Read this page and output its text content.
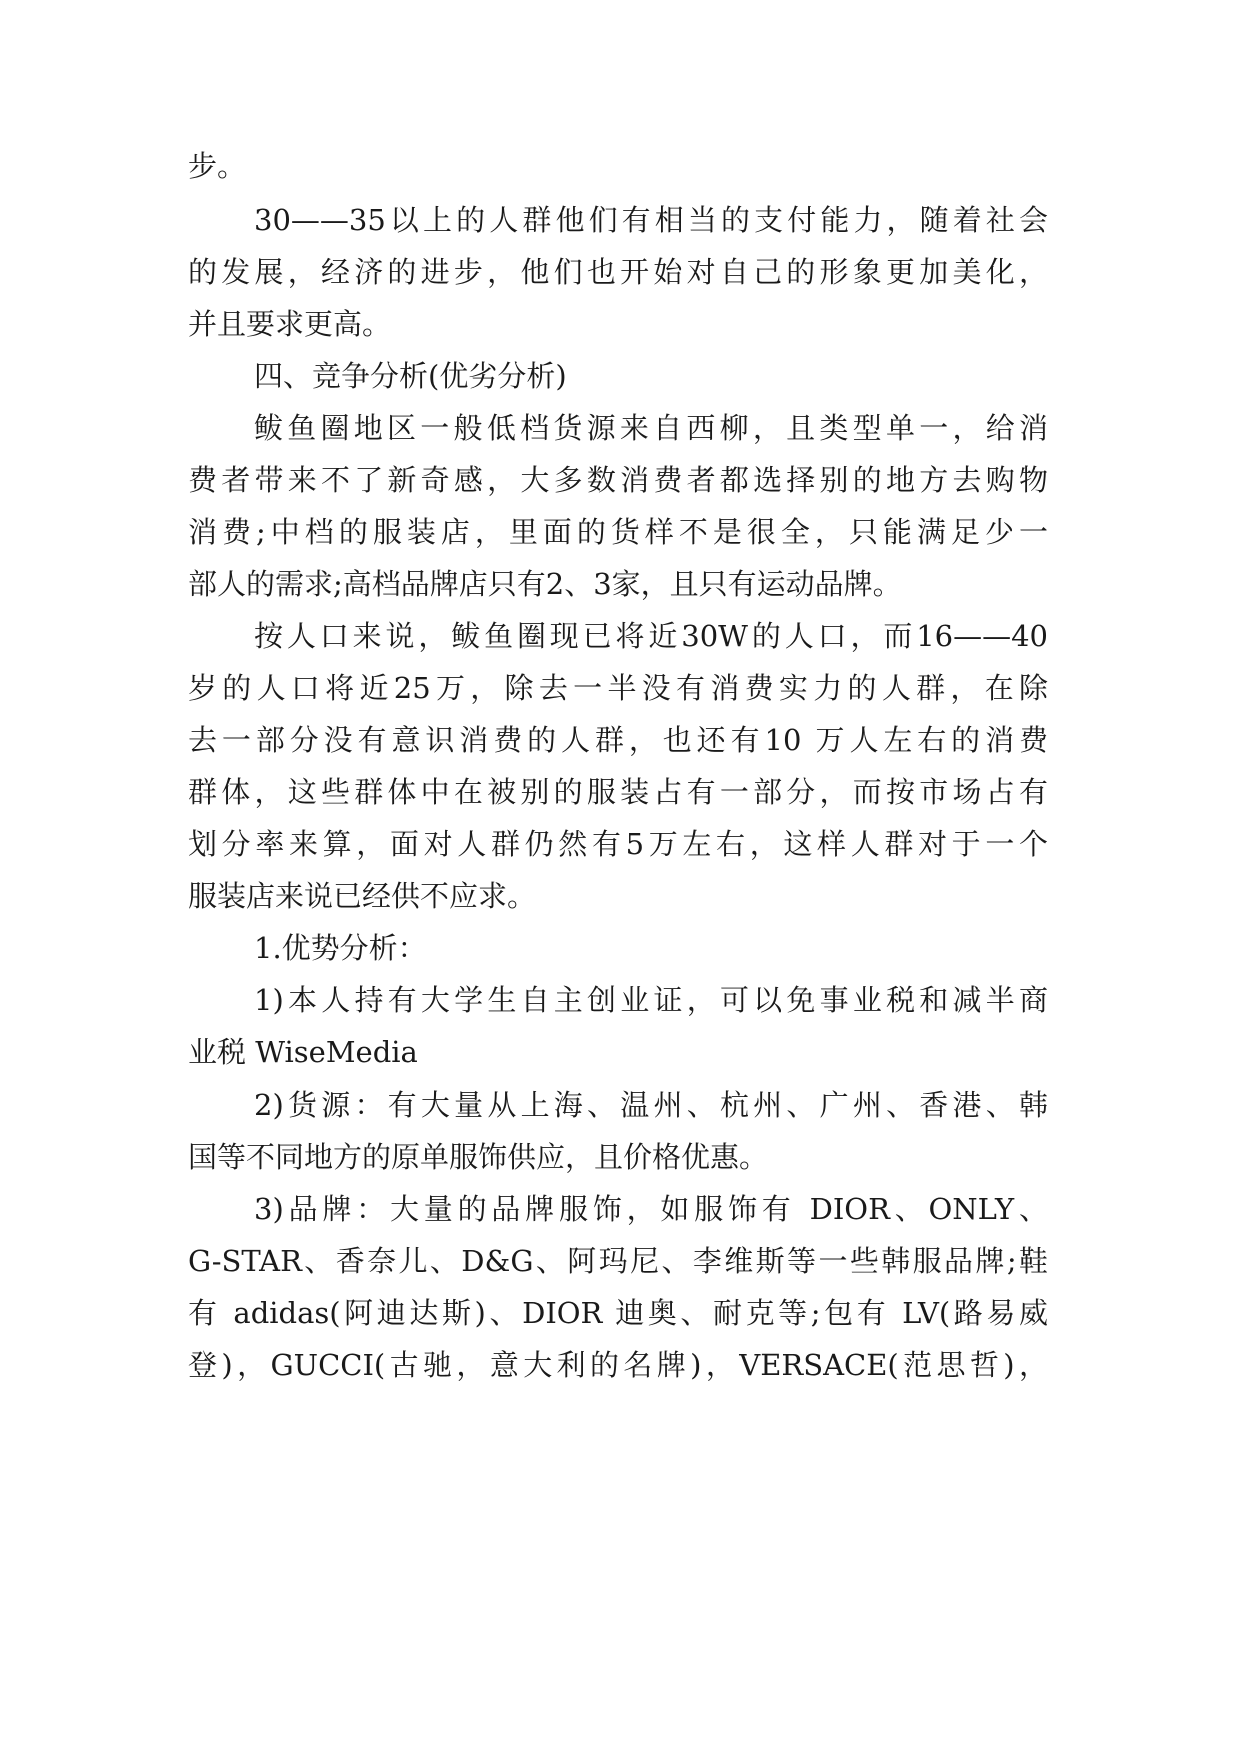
步。
30——35以上的人群他们有相当的支付能力，随着社会
的发展，经济的进步，他们也开始对自己的形象更加美化，
并且要求更高。
四、竞争分析(优劣分析)
鲅鱼圈地区一般低档货源来自西柳，且类型单一，给消
费者带来不了新奇感，大多数消费者都选择别的地方去购物
消费;中档的服装店，里面的货样不是很全，只能满足少一
部人的需求;高档品牌店只有2、3家，且只有运动品牌。
按人口来说，鲅鱼圈现已将近30W的人口，而16——40
岁的人口将近25万，除去一半没有消费实力的人群，在除
去一部分没有意识消费的人群，也还有10 万人左右的消费
群体，这些群体中在被别的服装占有一部分，而按市场占有
划分率来算，面对人群仍然有5万左右，这样人群对于一个
服装店来说已经供不应求。
1.优势分析：
1)本人持有大学生自主创业证，可以免事业税和减半商
业税 WiseMedia
2)货源：有大量从上海、温州、杭州、广州、香港、韩
国等不同地方的原单服饰供应，且价格优惠。
3)品牌：大量的品牌服饰，如服饰有 DIOR、ONLY、
G-STAR、香奈儿、D&G、阿玛尼、李维斯等一些韩服品牌;鞋
有 adidas(阿迪达斯)、DIOR 迪奥、耐克等;包有 LV(路易威
登)，GUCCI(古驰，意大利的名牌)，VERSACE(范思哲)，
